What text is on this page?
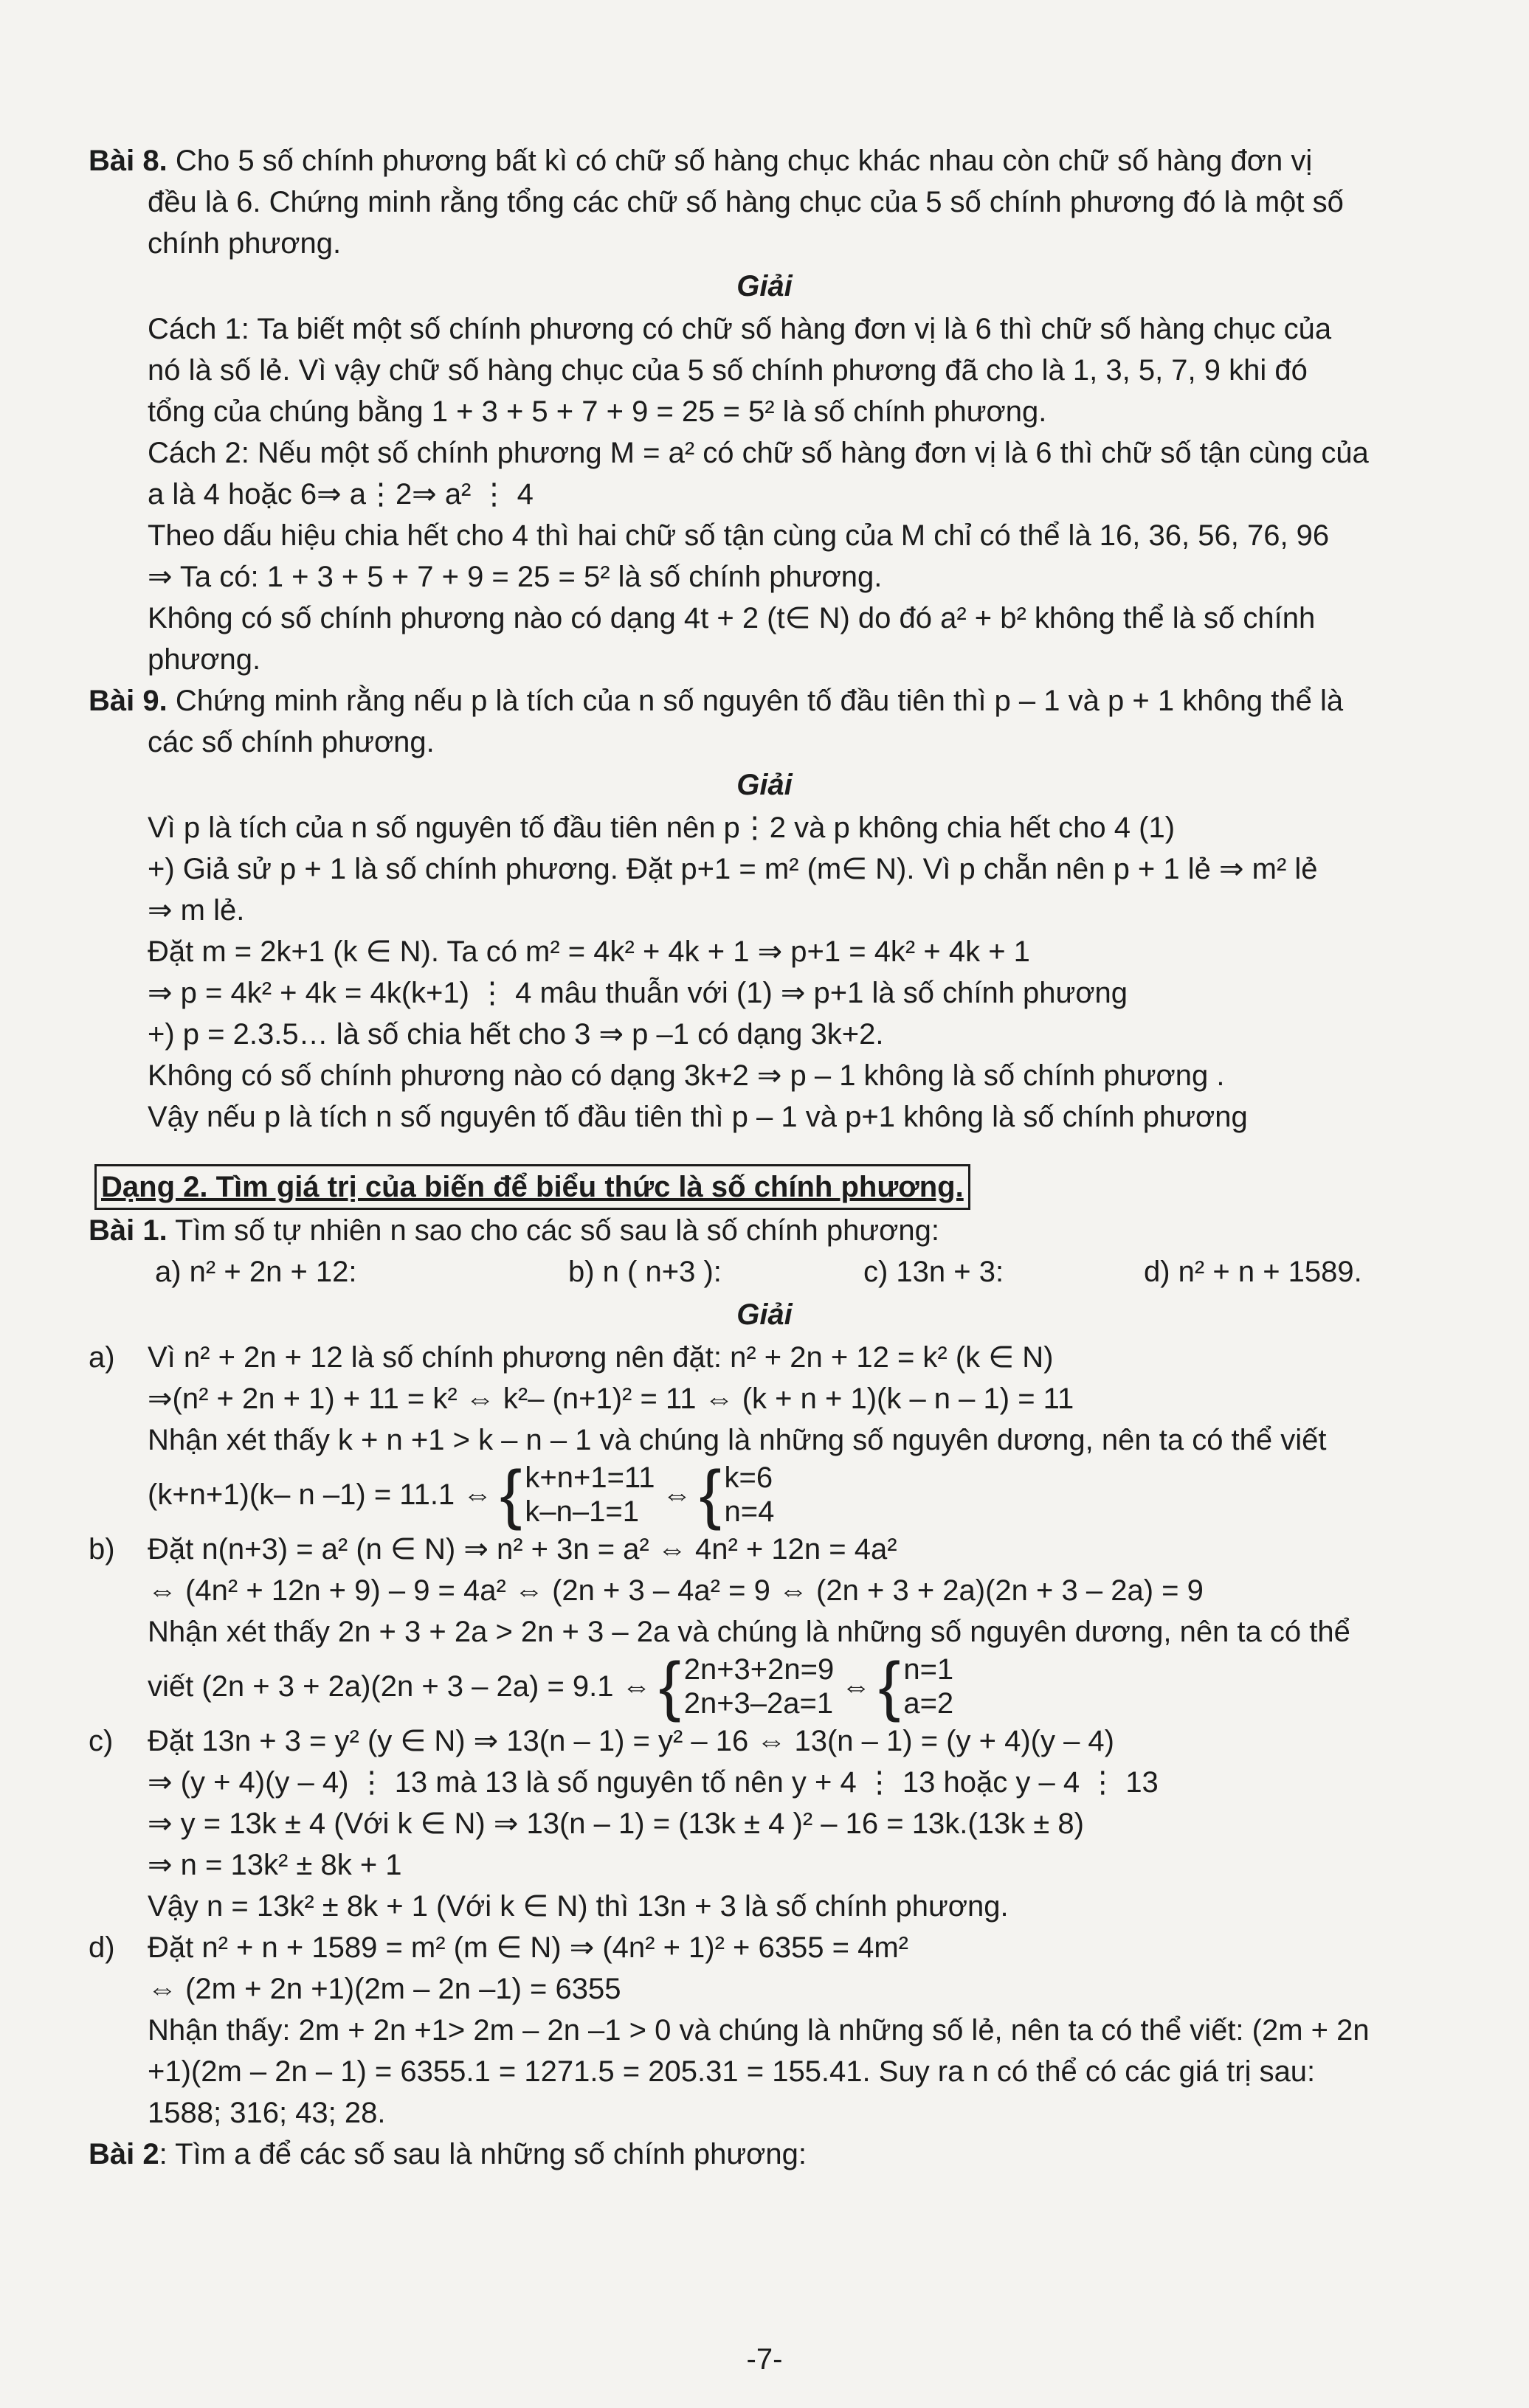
Bài 8. Cho 5 số chính phương bất kì có chữ số hàng chục khác nhau còn chữ số hàng đơn vị
đều là 6. Chứng minh rằng tổng các chữ số hàng chục của 5 số chính phương đó là một số
chính phương.
Giải
Cách 1: Ta biết một số chính phương có chữ số hàng đơn vị là 6 thì chữ số hàng chục của
nó là số lẻ. Vì vậy chữ số hàng chục của 5 số chính phương đã cho là 1, 3, 5, 7, 9 khi đó
tổng của chúng bằng 1 + 3 + 5 + 7 + 9 = 25 = 5² là số chính phương.
Cách 2: Nếu một số chính phương M = a² có chữ số hàng đơn vị là 6 thì chữ số tận cùng của
a là 4 hoặc 6⇒ a⋮2⇒ a² ⋮ 4
Theo dấu hiệu chia hết cho 4 thì hai chữ số tận cùng của M chỉ có thể là 16, 36, 56, 76, 96
⇒ Ta có: 1 + 3 + 5 + 7 + 9 = 25 = 5² là số chính phương.
Không có số chính phương nào có dạng 4t + 2 (t∈ N) do đó a² + b² không thể là số chính
phương.
Bài 9. Chứng minh rằng nếu p là tích của n số nguyên tố đầu tiên thì p – 1 và p + 1 không thể là
các số chính phương.
Giải
Vì p là tích của n số nguyên tố đầu tiên nên p⋮2 và p không chia hết cho 4 (1)
+) Giả sử p + 1 là số chính phương. Đặt p+1 = m² (m∈ N). Vì p chẵn nên p + 1 lẻ ⇒ m² lẻ
⇒ m lẻ.
Đặt m = 2k+1 (k ∈ N). Ta có m² = 4k² + 4k + 1 ⇒ p+1 = 4k² + 4k + 1
⇒ p = 4k² + 4k = 4k(k+1) ⋮ 4 mâu thuẫn với (1) ⇒ p+1 là số chính phương
+) p = 2.3.5… là số chia hết cho 3 ⇒ p –1 có dạng 3k+2.
Không có số chính phương nào có dạng 3k+2 ⇒ p – 1 không là số chính phương .
Vậy nếu p là tích n số nguyên tố đầu tiên thì p – 1 và p+1 không là số chính phương
Dạng 2. Tìm giá trị của biến để biểu thức là số chính phương.
Bài 1. Tìm số tự nhiên n sao cho các số sau là số chính phương:
a) n² + 2n + 12:	b) n ( n+3 ):	c) 13n + 3:	d) n² + n + 1589.
Giải
a) Vì n² + 2n + 12 là số chính phương nên đặt: n² + 2n + 12 = k² (k ∈ N)
⇒(n² + 2n + 1) + 11 = k² ⇔ k²– (n+1)² = 11 ⇔ (k + n + 1)(k – n – 1) = 11
Nhận xét thấy k + n +1 > k – n – 1 và chúng là những số nguyên dương, nên ta có thể viết
(k+n+1)(k– n –1) = 11.1 ⇔ { k+n+1=11
k–n–1=1
⇔ { k=6
n=4
b) Đặt n(n+3) = a² (n ∈ N) ⇒ n² + 3n = a² ⇔ 4n² + 12n = 4a²
⇔ (4n² + 12n + 9) – 9 = 4a² ⇔ (2n + 3 – 4a² = 9 ⇔ (2n + 3 + 2a)(2n + 3 – 2a) = 9
Nhận xét thấy 2n + 3 + 2a > 2n + 3 – 2a và chúng là những số nguyên dương, nên ta có thể
viết (2n + 3 + 2a)(2n + 3 – 2a) = 9.1 ⇔ { 2n+3+2n=9
2n+3–2a=1
⇔ { n=1
a=2
c) Đặt 13n + 3 = y² (y ∈ N) ⇒ 13(n – 1) = y² – 16 ⇔ 13(n – 1) = (y + 4)(y – 4)
⇒ (y + 4)(y – 4) ⋮ 13 mà 13 là số nguyên tố nên y + 4 ⋮ 13 hoặc y – 4 ⋮ 13
⇒ y = 13k ± 4 (Với k ∈ N) ⇒ 13(n – 1) = (13k ± 4 )² – 16 = 13k.(13k ± 8)
⇒ n = 13k² ± 8k + 1
Vậy n = 13k² ± 8k + 1 (Với k ∈ N) thì 13n + 3 là số chính phương.
d) Đặt n² + n + 1589 = m² (m ∈ N) ⇒ (4n² + 1)² + 6355 = 4m²
⇔ (2m + 2n +1)(2m – 2n –1) = 6355
Nhận thấy: 2m + 2n +1> 2m – 2n –1 > 0 và chúng là những số lẻ, nên ta có thể viết: (2m + 2n
+1)(2m – 2n – 1) = 6355.1 = 1271.5 = 205.31 = 155.41. Suy ra n có thể có các giá trị sau:
1588; 316; 43; 28.
Bài 2: Tìm a để các số sau là những số chính phương:
-7-
